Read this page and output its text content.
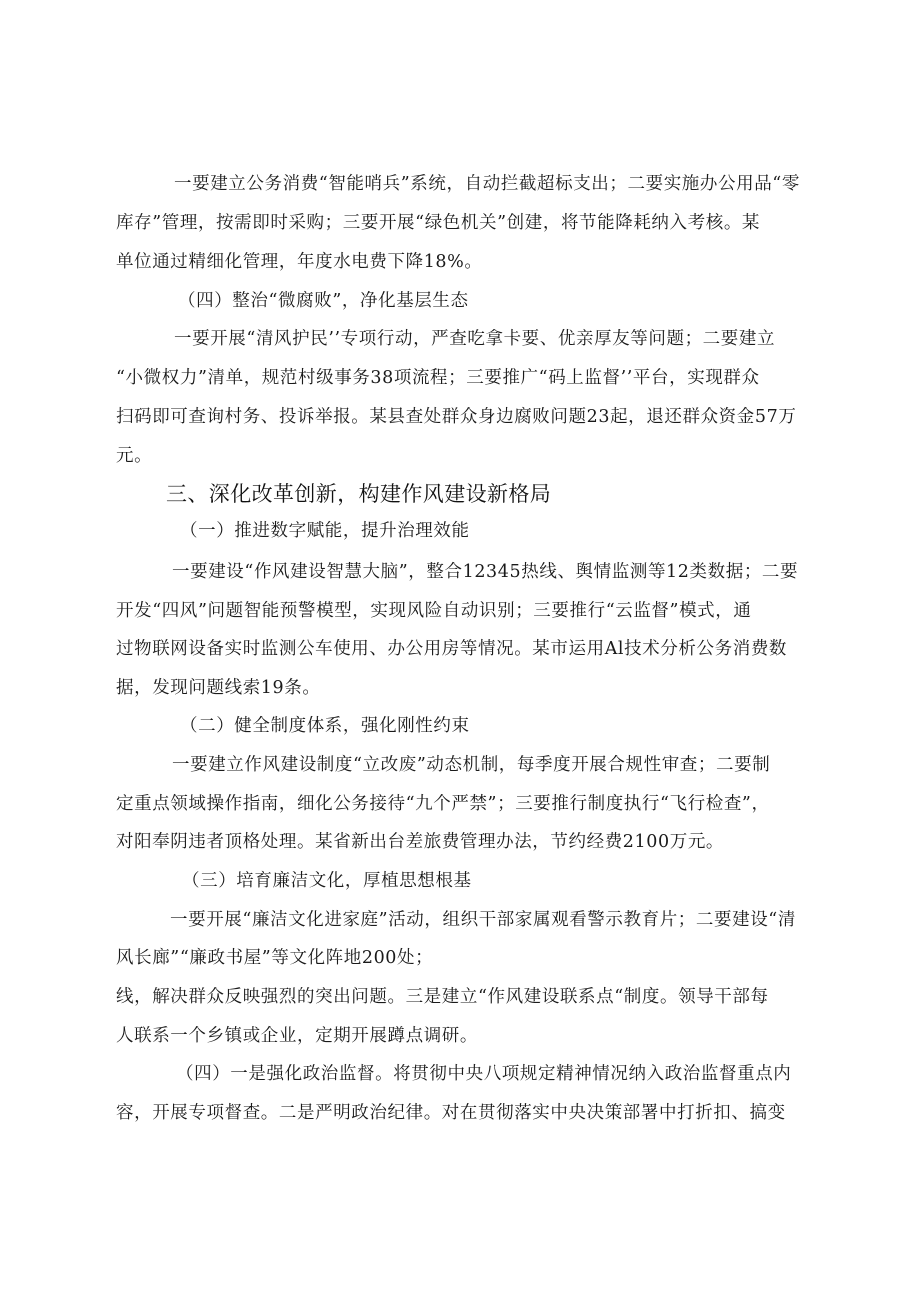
一要建立公务消费“智能哨兵”系统，自动拦截超标支出；二要实施办公用品“零
库存”管理，按需即时采购；三要开展“绿色机关”创建，将节能降耗纳入考核。某
单位通过精细化管理，年度水电费下降18%。
（四）整治“微腐败”，净化基层生态
一要开展“清风护民’’专项行动，严查吃拿卡要、优亲厚友等问题；二要建立
“小微权力”清单，规范村级事务38项流程；三要推广“码上监督’’平台，实现群众
扫码即可查询村务、投诉举报。某县查处群众身边腐败问题23起，退还群众资金57万
元。
三、深化改革创新，构建作风建设新格局
（一）推进数字赋能，提升治理效能
一要建设“作风建设智慧大脑”，整合12345热线、舆情监测等12类数据；二要
开发“四风”问题智能预警模型，实现风险自动识别；三要推行“云监督”模式，通
过物联网设备实时监测公车使用、办公用房等情况。某市运用Al技术分析公务消费数
据，发现问题线索19条。
（二）健全制度体系，强化刚性约束
一要建立作风建设制度“立改废”动态机制，每季度开展合规性审查；二要制
定重点领域操作指南，细化公务接待“九个严禁”；三要推行制度执行“飞行检查”，
对阳奉阴违者顶格处理。某省新出台差旅费管理办法，节约经费2100万元。
（三）培育廉洁文化，厚植思想根基
一要开展“廉洁文化进家庭”活动，组织干部家属观看警示教育片；二要建设“清
风长廊”“廉政书屋”等文化阵地200处；
线，解决群众反映强烈的突出问题。三是建立“作风建设联系点“制度。领导干部每
人联系一个乡镇或企业，定期开展蹲点调研。
（四）一是强化政治监督。将贯彻中央八项规定精神情况纳入政治监督重点内
容，开展专项督查。二是严明政治纪律。对在贯彻落实中央决策部署中打折扣、搞变
